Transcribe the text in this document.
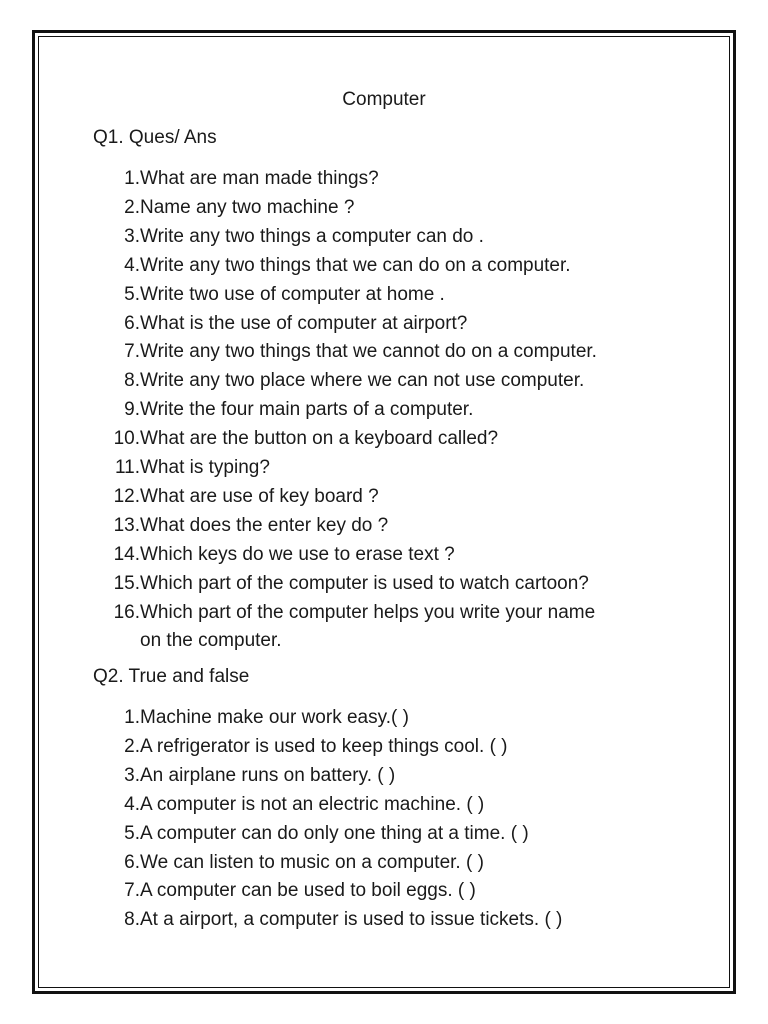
Computer
Q1. Ques/ Ans
1. What are man made things?
2. Name any two machine ?
3. Write any two things a computer can do .
4. Write any two things that we can do on a computer.
5. Write two use of computer at home .
6. What is the use of computer at airport?
7. Write any two things that we cannot do on a computer.
8. Write any two place where we can not use computer.
9. Write the four main parts of a computer.
10. What are the button on a keyboard called?
11. What is typing?
12. What are use of key board ?
13. What does the enter key do ?
14. Which keys do we use to erase text ?
15. Which part of the computer is used to watch cartoon?
16. Which part of the computer helps you write your name
on the computer.
Q2. True and false
1. Machine make our work easy.( )
2. A refrigerator is used to keep things cool. ( )
3. An airplane runs on battery. ( )
4. A computer is not an electric machine. ( )
5. A computer can do only one thing at a time. ( )
6. We can listen to music on a computer. ( )
7. A computer can be used to boil eggs. ( )
8. At a airport, a computer is used to issue tickets. ( )
